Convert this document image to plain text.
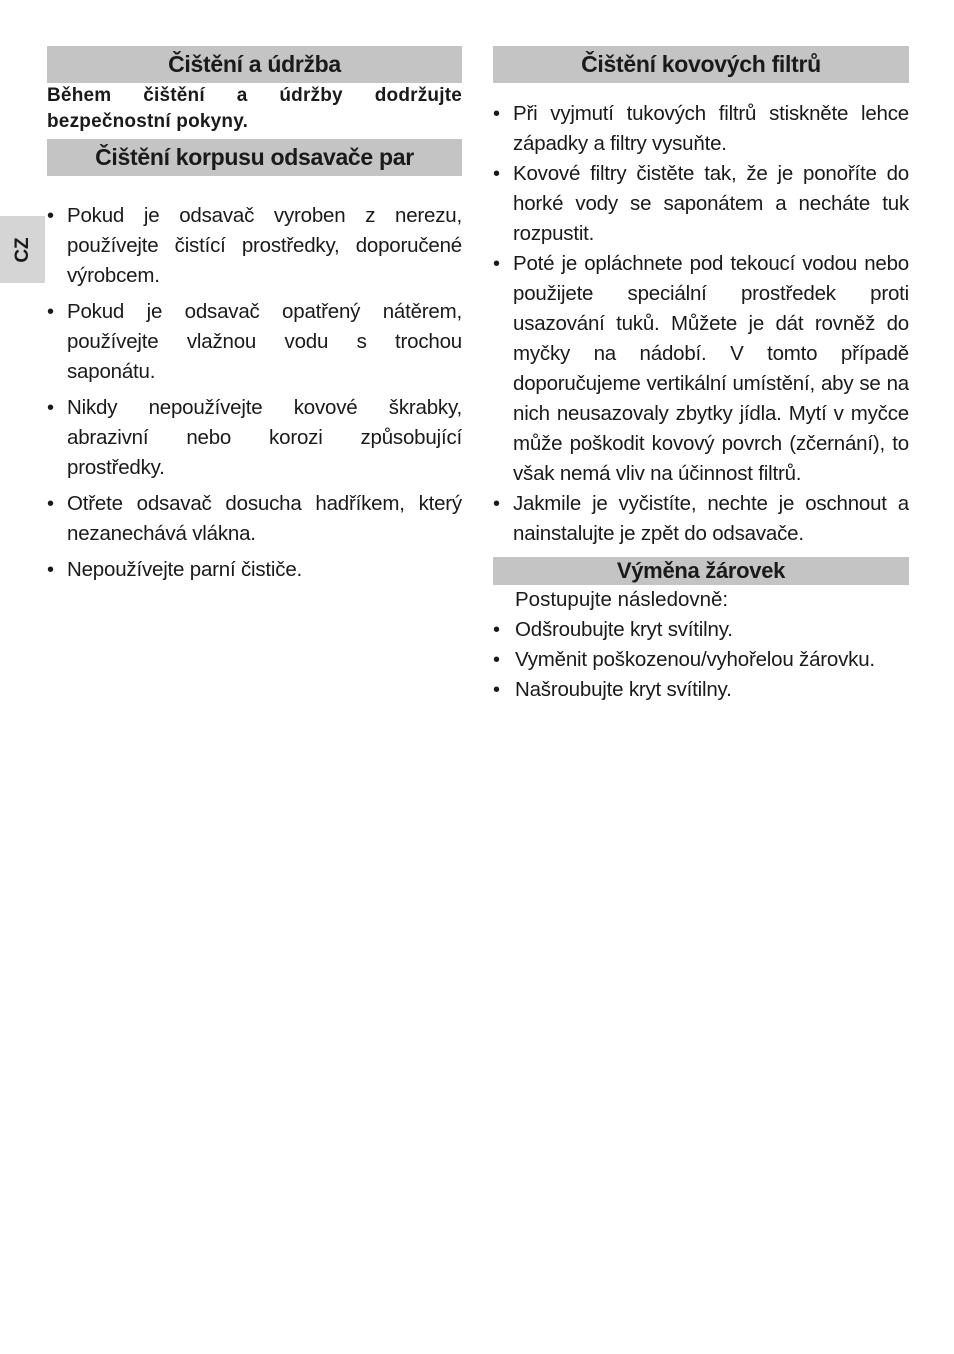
CZ
Čištění a údržba
Během čištění a údržby dodržujte bezpečnostní pokyny.
Čištění korpusu odsavače par
• Pokud je odsavač vyroben z nerezu, používejte čistící prostředky, doporučené výrobcem.
• Pokud je odsavač opatřený nátěrem, používejte vlažnou vodu s trochou saponátu.
• Nikdy nepoužívejte kovové škrabky, abrazivní nebo korozi způsobující prostředky.
• Otřete odsavač dosucha hadříkem, který nezanechává vlákna.
• Nepoužívejte parní čističe.
Čištění kovových filtrů
• Při vyjmutí tukových filtrů stiskněte lehce západky a filtry vysuňte.
• Kovové filtry čistěte tak, že je ponoříte do horké vody se saponátem a necháte tuk rozpustit.
• Poté je opláchnete pod tekoucí vodou nebo použijete speciální prostředek proti usazování tuků. Můžete je dát rovněž do myčky na nádobí. V tomto případě doporučujeme vertikální umístění, aby se na nich neusazovaly zbytky jídla. Mytí v myčce může poškodit kovový povrch (zčernání), to však nemá vliv na účinnost filtrů.
• Jakmile je vyčistíte, nechte je oschnout a nainstalujte je zpět do odsavače.
Výměna žárovek
Postupujte následovně:
• Odšroubujte kryt svítilny.
• Vyměnit poškozenou/vyhořelou žárovku.
• Našroubujte kryt svítilny.
